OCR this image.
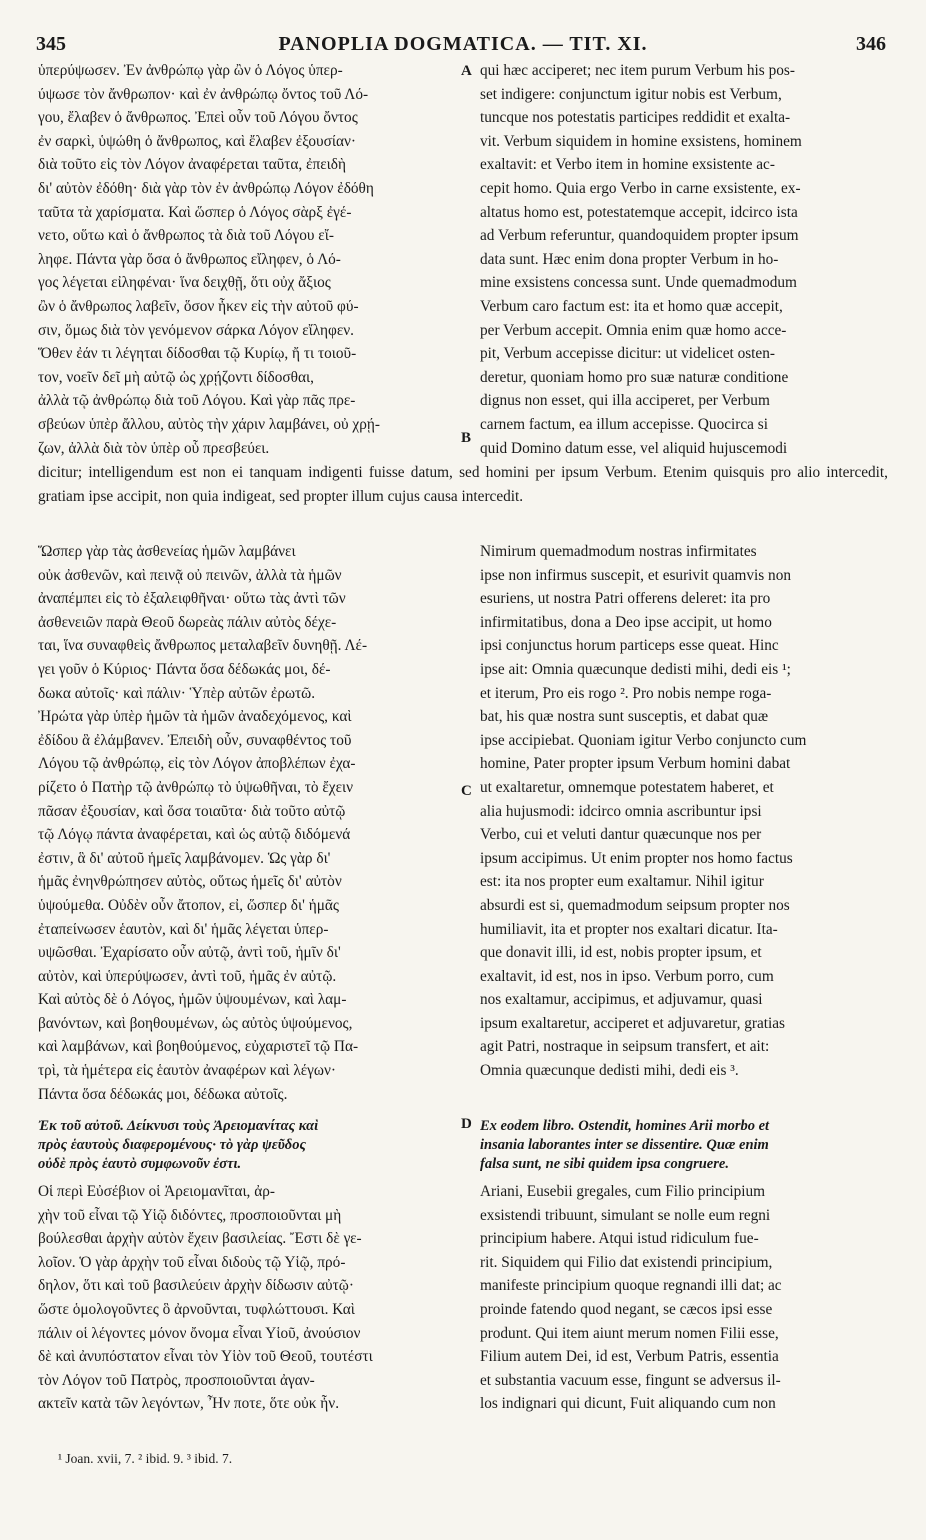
345	PANOPLIA DOGMATICA. — TIT. XI.	346
ὑπερύψωσεν. Ἐν ἀνθρώπῳ γὰρ ὢν ὁ Λόγος ὑπερ-
ύψωσε τὸν ἄνθρωπον· καὶ ἐν ἀνθρώπῳ ὄντος τοῦ Λό-
γου, ἔλαβεν ὁ ἄνθρωπος. Ἐπεὶ οὖν τοῦ Λόγου ὄντος
ἐν σαρκὶ, ὑψώθη ὁ ἄνθρωπος, καὶ ἔλαβεν ἐξουσίαν·
διὰ τοῦτο εἰς τὸν Λόγον ἀναφέρεται ταῦτα, ἐπειδὴ
δι' αὐτὸν ἐδόθη· διὰ γὰρ τὸν ἐν ἀνθρώπῳ Λόγον ἐδόθη
ταῦτα τὰ χαρίσματα. Καὶ ὥσπερ ὁ Λόγος σὰρξ ἐγέ-
νετο, οὕτω καὶ ὁ ἄνθρωπος τὰ διὰ τοῦ Λόγου εἴ-
ληφε. Πάντα γὰρ ὅσα ὁ ἄνθρωπος εἴληφεν, ὁ Λό-
γος λέγεται εἰληφέναι· ἵνα δειχθῇ, ὅτι οὐχ ἄξιος
ὢν ὁ ἄνθρωπος λαβεῖν, ὅσον ἦκεν εἰς τὴν αὐτοῦ φύ-
σιν, ὅμως διὰ τὸν γενόμενον σάρκα Λόγον εἴληφεν.
Ὅθεν ἐάν τι λέγηται δίδοσθαι τῷ Κυρίῳ, ἤ τι τοιοῦ-
τον, νοεῖν δεῖ μὴ αὐτῷ ὡς χρῄζοντι δίδοσθαι,
ἀλλὰ τῷ ἀνθρώπῳ διὰ τοῦ Λόγου. Καὶ γὰρ πᾶς πρε-
σβεύων ὑπὲρ ἄλλου, αὐτὸς τὴν χάριν λαμβάνει, οὐ χρῄ-
ζων, ἀλλὰ διὰ τὸν ὑπὲρ οὗ πρεσβεύει.
qui hæc acciperet; nec item purum Verbum his pos-
set indigere: conjunctum igitur nobis est Verbum,
tuncque nos potestatis participes reddidit et exalta-
vit. Verbum siquidem in homine exsistens, hominem
exaltavit: et Verbo item in homine exsistente ac-
cepit homo. Quia ergo Verbo in carne exsistente, ex-
altatus homo est, potestatemque accepit, idcirco ista
ad Verbum referuntur, quandoquidem propter ipsum
data sunt. Hæc enim dona propter Verbum in ho-
mine exsistens concessa sunt. Unde quemadmodum
Verbum caro factum est: ita et homo quæ accepit,
per Verbum accepit. Omnia enim quæ homo acce-
pit, Verbum accepisse dicitur: ut videlicet osten-
deretur, quoniam homo pro suæ naturæ conditione
dignus non esset, qui illa acciperet, per Verbum
carnem factum, ea illum accepisse. Quocirca si
quid Domino datum esse, vel aliquid hujuscemodi

dicitur; intelligendum est non ei tanquam indigenti fuisse datum, sed homini per ipsum Verbum. Etenim quisquis pro alio intercedit, gratiam ipse accipit, non quia indigeat, sed propter illum cujus causa intercedit.

Ὥσπερ γὰρ τὰς ἀσθενείας ἡμῶν λαμβάνει
οὐκ ἀσθενῶν, καὶ πεινᾷ οὐ πεινῶν, ἀλλὰ τὰ ἡμῶν
ἀναπέμπει εἰς τὸ ἐξαλειφθῆναι· οὕτω τὰς ἀντὶ τῶν
ἀσθενειῶν παρὰ Θεοῦ δωρεὰς πάλιν αὐτὸς δέχε-
ται, ἵνα συναφθεὶς ἄνθρωπος μεταλαβεῖν δυνηθῇ. Λέ-
γει γοῦν ὁ Κύριος· Πάντα ὅσα δέδωκάς μοι, δέ-
δωκα αὐτοῖς· καὶ πάλιν· Ὑπὲρ αὐτῶν ἐρωτῶ.
Ἠρώτα γὰρ ὑπὲρ ἡμῶν τὰ ἡμῶν ἀναδεχόμενος, καὶ
ἐδίδου ἃ ἐλάμβανεν. Ἐπειδὴ οὖν, συναφθέντος τοῦ
Λόγου τῷ ἀνθρώπῳ, εἰς τὸν Λόγον ἀποβλέπων ἐχα-
ρίζετο ὁ Πατὴρ τῷ ἀνθρώπῳ τὸ ὑψωθῆναι, τὸ ἔχειν
πᾶσαν ἐξουσίαν, καὶ ὅσα τοιαῦτα· διὰ τοῦτο αὐτῷ
τῷ Λόγῳ πάντα ἀναφέρεται, καὶ ὡς αὐτῷ διδόμενά
ἐστιν, ἃ δι' αὐτοῦ ἡμεῖς λαμβάνομεν. Ὡς γὰρ δι'
ἡμᾶς ἐνηνθρώπησεν αὐτὸς, οὕτως ἡμεῖς δι' αὐτὸν
ὑψούμεθα. Οὐδὲν οὖν ἄτοπον, εἰ, ὥσπερ δι' ἡμᾶς
ἐταπείνωσεν ἑαυτὸν, καὶ δι' ἡμᾶς λέγεται ὑπερ-
υψῶσθαι. Ἐχαρίσατο οὖν αὐτῷ, ἀντὶ τοῦ, ἡμῖν δι'
αὐτὸν, καὶ ὑπερύψωσεν, ἀντὶ τοῦ, ἡμᾶς ἐν αὐτῷ.
Καὶ αὐτὸς δὲ ὁ Λόγος, ἡμῶν ὑψουμένων, καὶ λαμ-
βανόντων, καὶ βοηθουμένων, ὡς αὐτὸς ὑψούμενος,
καὶ λαμβάνων, καὶ βοηθούμενος, εὐχαριστεῖ τῷ Πα-
τρὶ, τὰ ἡμέτερα εἰς ἑαυτὸν ἀναφέρων καὶ λέγων·
Πάντα ὅσα δέδωκάς μοι, δέδωκα αὐτοῖς.
Nimirum quemadmodum nostras infirmitates
ipse non infirmus suscepit, et esurivit quamvis non
esuriens, ut nostra Patri offerens deleret: ita pro
infirmitatibus, dona a Deo ipse accipit, ut homo
ipsi conjunctus horum particeps esse queat. Hinc
ipse ait: Omnia quæcunque dedisti mihi, dedi eis ¹;
et iterum, Pro eis rogo ². Pro nobis nempe roga-
bat, his quæ nostra sunt susceptis, et dabat quæ
ipse accipiebat. Quoniam igitur Verbo conjuncto cum
homine, Pater propter ipsum Verbum homini dabat
ut exaltaretur, omnemque potestatem haberet, et
alia hujusmodi: idcirco omnia ascribuntur ipsi
Verbo, cui et veluti dantur quæcunque nos per
ipsum accipimus. Ut enim propter nos homo factus
est: ita nos propter eum exaltamur. Nihil igitur
absurdi est si, quemadmodum seipsum propter nos
humiliavit, ita et propter nos exaltari dicatur. Ita-
que donavit illi, id est, nobis propter ipsum, et
exaltavit, id est, nos in ipso. Verbum porro, cum
nos exaltamur, accipimus, et adjuvamur, quasi
ipsum exaltaretur, acciperet et adjuvaretur, gratias
agit Patri, nostraque in seipsum transfert, et ait:
Omnia quæcunque dedisti mihi, dedi eis ³.
Ἐκ τοῦ αὐτοῦ. Δείκνυσι τοὺς Ἀρειομανίτας καὶ
πρὸς ἑαυτοὺς διαφερομένους· τὸ γὰρ ψεῦδος
οὐδὲ πρὸς ἑαυτὸ συμφωνοῦν ἐστι.
Ex eodem libro. Ostendit, homines Arii morbo et
insania laborantes inter se dissentire. Quæ enim
falsa sunt, ne sibi quidem ipsa congruere.
Οἱ περὶ Εὐσέβιον οἱ Ἀρειομανῖται, ἀρ-
χὴν τοῦ εἶναι τῷ Υἱῷ διδόντες, προσποιοῦνται μὴ
βούλεσθαι ἀρχὴν αὐτὸν ἔχειν βασιλείας. Ἔστι δὲ γε-
λοῖον. Ὁ γὰρ ἀρχὴν τοῦ εἶναι διδοὺς τῷ Υἱῷ, πρό-
δηλον, ὅτι καὶ τοῦ βασιλεύειν ἀρχὴν δίδωσιν αὐτῷ·
ὥστε ὁμολογοῦντες ὃ ἀρνοῦνται, τυφλώττουσι. Καὶ
πάλιν οἱ λέγοντες μόνον ὄνομα εἶναι Υἱοῦ, ἀνούσιον
δὲ καὶ ἀνυπόστατον εἶναι τὸν Υἱὸν τοῦ Θεοῦ, τουτέστι
τὸν Λόγον τοῦ Πατρὸς, προσποιοῦνται ἀγαν-
ακτεῖν κατὰ τῶν λεγόντων, Ἦν ποτε, ὅτε οὐκ ἦν.
Ariani, Eusebii gregales, cum Filio principium
exsistendi tribuunt, simulant se nolle eum regni
principium habere. Atqui istud ridiculum fue-
rit. Siquidem qui Filio dat existendi principium,
manifeste principium quoque regnandi illi dat; ac
proinde fatendo quod negant, se cæcos ipsi esse
produnt. Qui item aiunt merum nomen Filii esse,
Filium autem Dei, id est, Verbum Patris, essentia
et substantia vacuum esse, fingunt se adversus il-
los indignari qui dicunt, Fuit aliquando cum non
A
B
C
D
¹ Joan. xvii, 7. ² ibid. 9. ³ ibid. 7.
